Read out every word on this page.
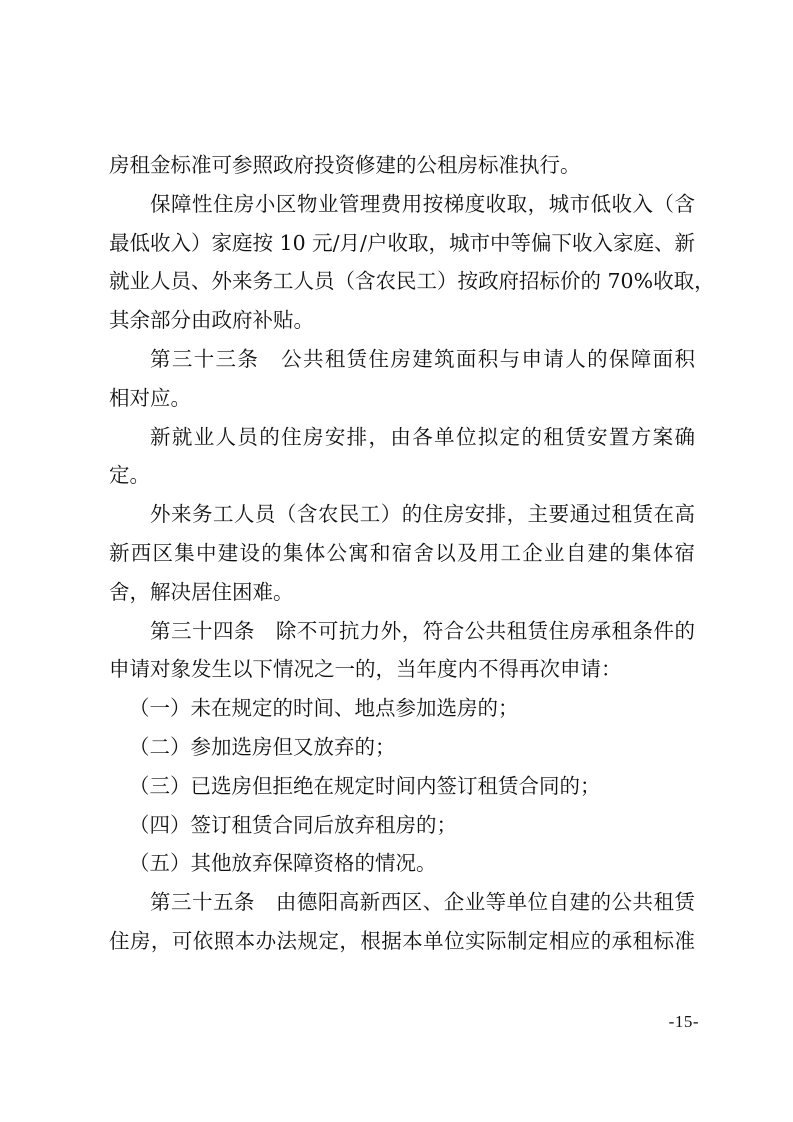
房租金标准可参照政府投资修建的公租房标准执行。
保障性住房小区物业管理费用按梯度收取，城市低收入（含
最低收入）家庭按 10 元/月/户收取，城市中等偏下收入家庭、新
就业人员、外来务工人员（含农民工）按政府招标价的 70%收取，
其余部分由政府补贴。
第三十三条　公共租赁住房建筑面积与申请人的保障面积
相对应。
新就业人员的住房安排，由各单位拟定的租赁安置方案确
定。
外来务工人员（含农民工）的住房安排，主要通过租赁在高
新西区集中建设的集体公寓和宿舍以及用工企业自建的集体宿
舍，解决居住困难。
第三十四条　除不可抗力外，符合公共租赁住房承租条件的
申请对象发生以下情况之一的，当年度内不得再次申请：
（一）未在规定的时间、地点参加选房的；
（二）参加选房但又放弃的；
（三）已选房但拒绝在规定时间内签订租赁合同的；
（四）签订租赁合同后放弃租房的；
（五）其他放弃保障资格的情况。
第三十五条　由德阳高新西区、企业等单位自建的公共租赁
住房，可依照本办法规定，根据本单位实际制定相应的承租标准
-15-
